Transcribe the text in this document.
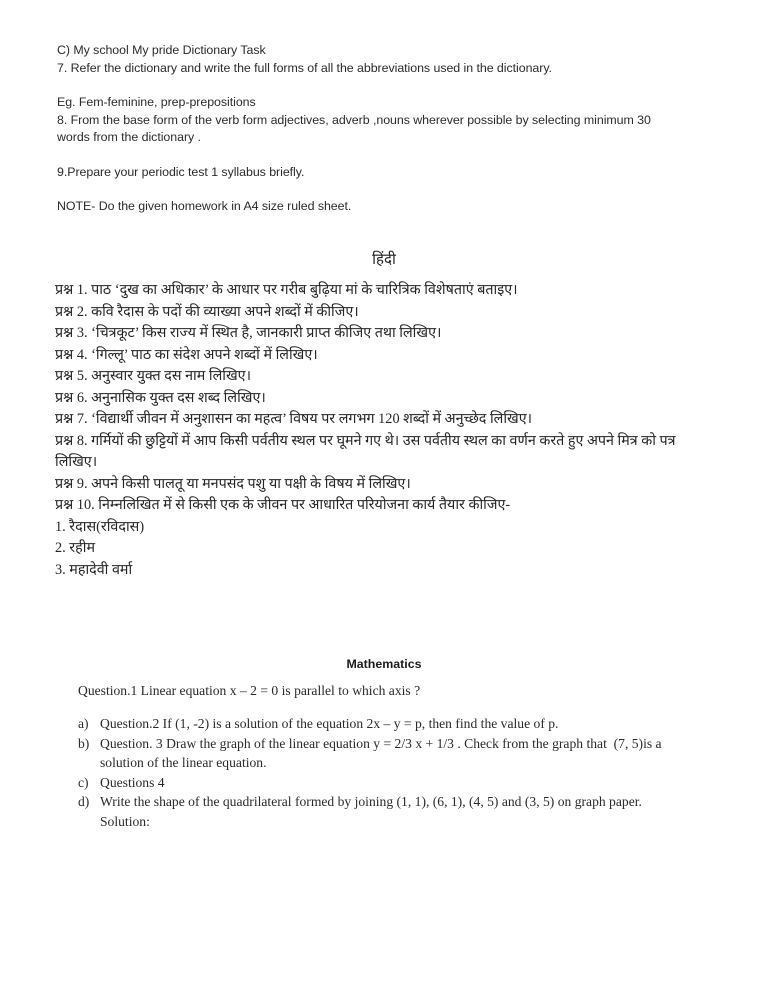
C) My school My pride Dictionary Task
7. Refer the dictionary and write the full forms of all the abbreviations used in the dictionary.
Eg. Fem-feminine, prep-prepositions
8. From the base form of the verb form adjectives, adverb ,nouns wherever possible by selecting minimum 30 words from the dictionary .
9.Prepare your periodic test 1 syllabus briefly.
NOTE- Do the given homework in A4 size ruled sheet.
हिंदी
प्रश्न 1. पाठ ‘दुख का अधिकार’ के आधार पर गरीब बुढ़िया मां के चारित्रिक विशेषताएं बताइए।
प्रश्न 2. कवि रैदास के पदों की व्याख्या अपने शब्दों में कीजिए।
प्रश्न 3. ‘चित्रकूट’ किस राज्य में स्थित है, जानकारी प्राप्त कीजिए तथा लिखिए।
प्रश्न 4. ‘गिल्लू’ पाठ का संदेश अपने शब्दों में लिखिए।
प्रश्न 5. अनुस्वार युक्त दस नाम लिखिए।
प्रश्न 6. अनुनासिक युक्त दस शब्द लिखिए।
प्रश्न 7. ‘विद्यार्थी जीवन में अनुशासन का महत्व’ विषय पर लगभग 120 शब्दों में अनुच्छेद लिखिए।
प्रश्न 8. गर्मियों की छुट्टियों में आप किसी पर्वतीय स्थल पर घूमने गए थे। उस पर्वतीय स्थल का वर्णन करते हुए अपने मित्र को पत्र लिखिए।
प्रश्न 9. अपने किसी पालतू या मनपसंद पशु या पक्षी के विषय में लिखिए।
प्रश्न 10. निम्नलिखित में से किसी एक के जीवन पर आधारित परियोजना कार्य तैयार कीजिए-
1. रैदास(रविदास)
2. रहीम
3. महादेवी वर्मा
Mathematics
Question.1 Linear equation x – 2 = 0 is parallel to which axis ?
a) Question.2 If (1, -2) is a solution of the equation 2x – y = p, then find the value of p.
b) Question. 3 Draw the graph of the linear equation y = 2/3 x + 1/3 . Check from the graph that  (7, 5)is a solution of the linear equation.
c) Questions 4
d) Write the shape of the quadrilateral formed by joining (1, 1), (6, 1), (4, 5) and (3, 5) on graph paper.
Solution:
